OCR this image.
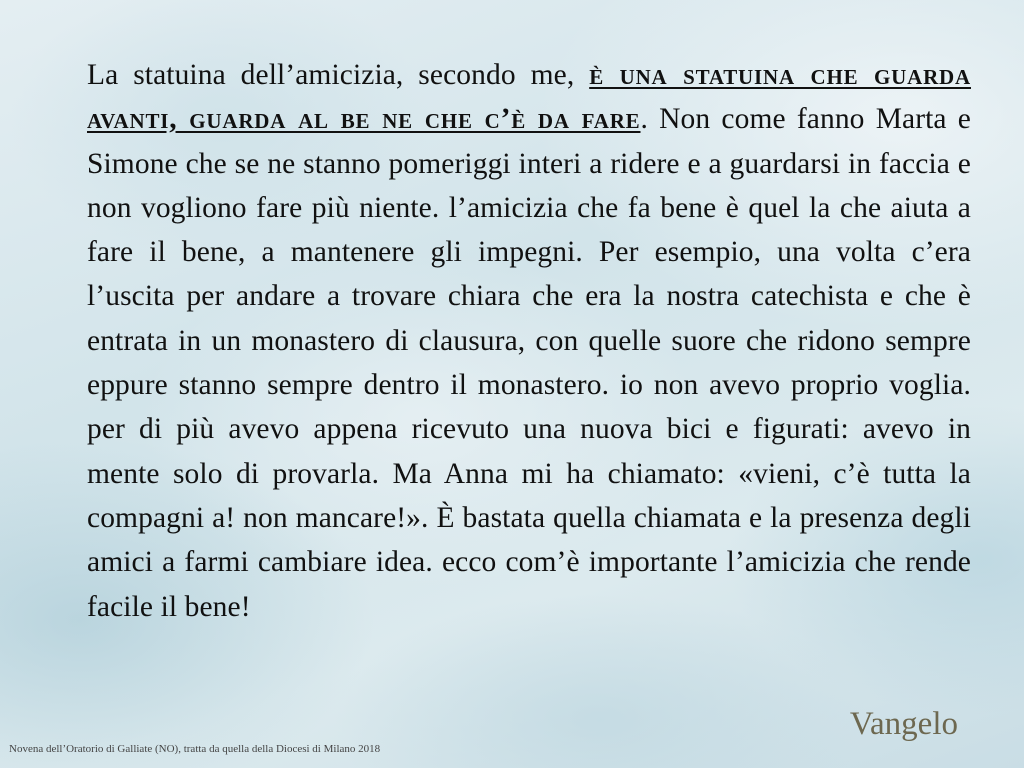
La statuina dell’amicizia, secondo me, è una statuina che guarda avanti, guarda al be ne che c’è da fare. Non come fanno Marta e Simone che se ne stanno pomeriggi interi a ridere e a guardarsi in faccia e non vogliono fare più niente. l’amicizia che fa bene è quel la che aiuta a fare il bene, a mantenere gli impegni. Per esempio, una volta c’era l’uscita per andare a trovare chiara che era la nostra catechista e che è entrata in un monastero di clausura, con quelle suore che ridono sempre eppure stanno sempre dentro il monastero. io non avevo proprio voglia. per di più avevo appena ricevuto una nuova bici e figurati: avevo in mente solo di provarla. Ma Anna mi ha chiamato: «vieni, c’è tutta la compagni a! non mancare!». È bastata quella chiamata e la presenza degli amici a farmi cambiare idea. ecco com’è importante l’amicizia che rende facile il bene!

Vangelo
Novena dell’Oratorio di Galliate (NO), tratta da quella della Diocesi di Milano 2018
